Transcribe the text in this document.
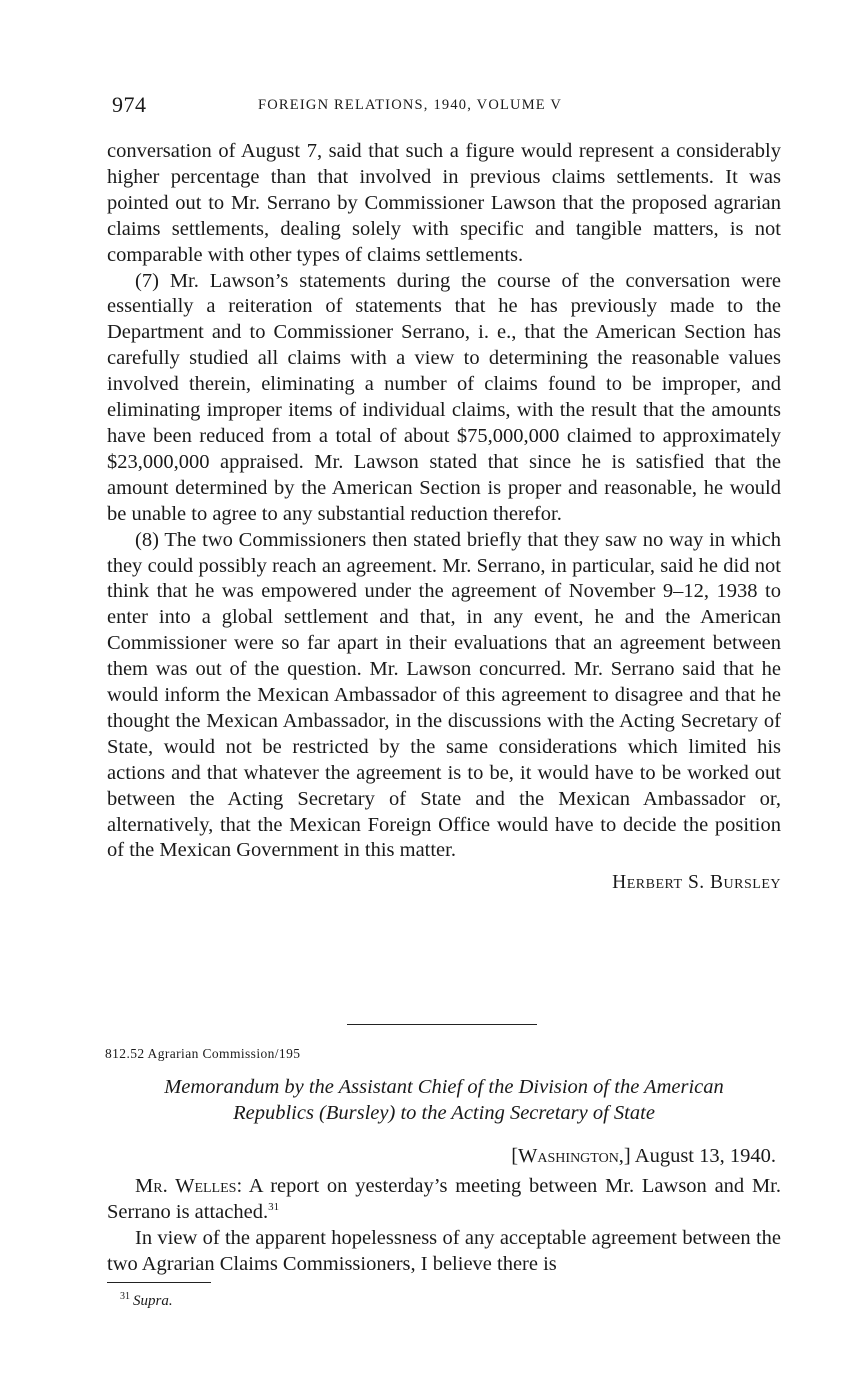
974	FOREIGN RELATIONS, 1940, VOLUME V

conversation of August 7, said that such a figure would represent a considerably higher percentage than that involved in previous claims settlements. It was pointed out to Mr. Serrano by Commissioner Lawson that the proposed agrarian claims settlements, dealing solely with specific and tangible matters, is not comparable with other types of claims settlements.

(7) Mr. Lawson’s statements during the course of the conversation were essentially a reiteration of statements that he has previously made to the Department and to Commissioner Serrano, i. e., that the American Section has carefully studied all claims with a view to determining the reasonable values involved therein, eliminating a number of claims found to be improper, and eliminating improper items of individual claims, with the result that the amounts have been reduced from a total of about $75,000,000 claimed to approximately $23,000,000 appraised. Mr. Lawson stated that since he is satisfied that the amount determined by the American Section is proper and reasonable, he would be unable to agree to any substantial reduction therefor.

(8) The two Commissioners then stated briefly that they saw no way in which they could possibly reach an agreement. Mr. Serrano, in particular, said he did not think that he was empowered under the agreement of November 9–12, 1938 to enter into a global settlement and that, in any event, he and the American Commissioner were so far apart in their evaluations that an agreement between them was out of the question. Mr. Lawson concurred. Mr. Serrano said that he would inform the Mexican Ambassador of this agreement to disagree and that he thought the Mexican Ambassador, in the discussions with the Acting Secretary of State, would not be restricted by the same considerations which limited his actions and that whatever the agreement is to be, it would have to be worked out between the Acting Secretary of State and the Mexican Ambassador or, alternatively, that the Mexican Foreign Office would have to decide the position of the Mexican Government in this matter.

Herbert S. Bursley

812.52 Agrarian Commission/195
Memorandum by the Assistant Chief of the Division of the American
Republics (Bursley) to the Acting Secretary of State
[Washington,] August 13, 1940.

Mr. Welles: A report on yesterday’s meeting between Mr. Lawson and Mr. Serrano is attached.$^{31}$

In view of the apparent hopelessness of any acceptable agreement between the two Agrarian Claims Commissioners, I believe there is

$^{31}$ Supra.
